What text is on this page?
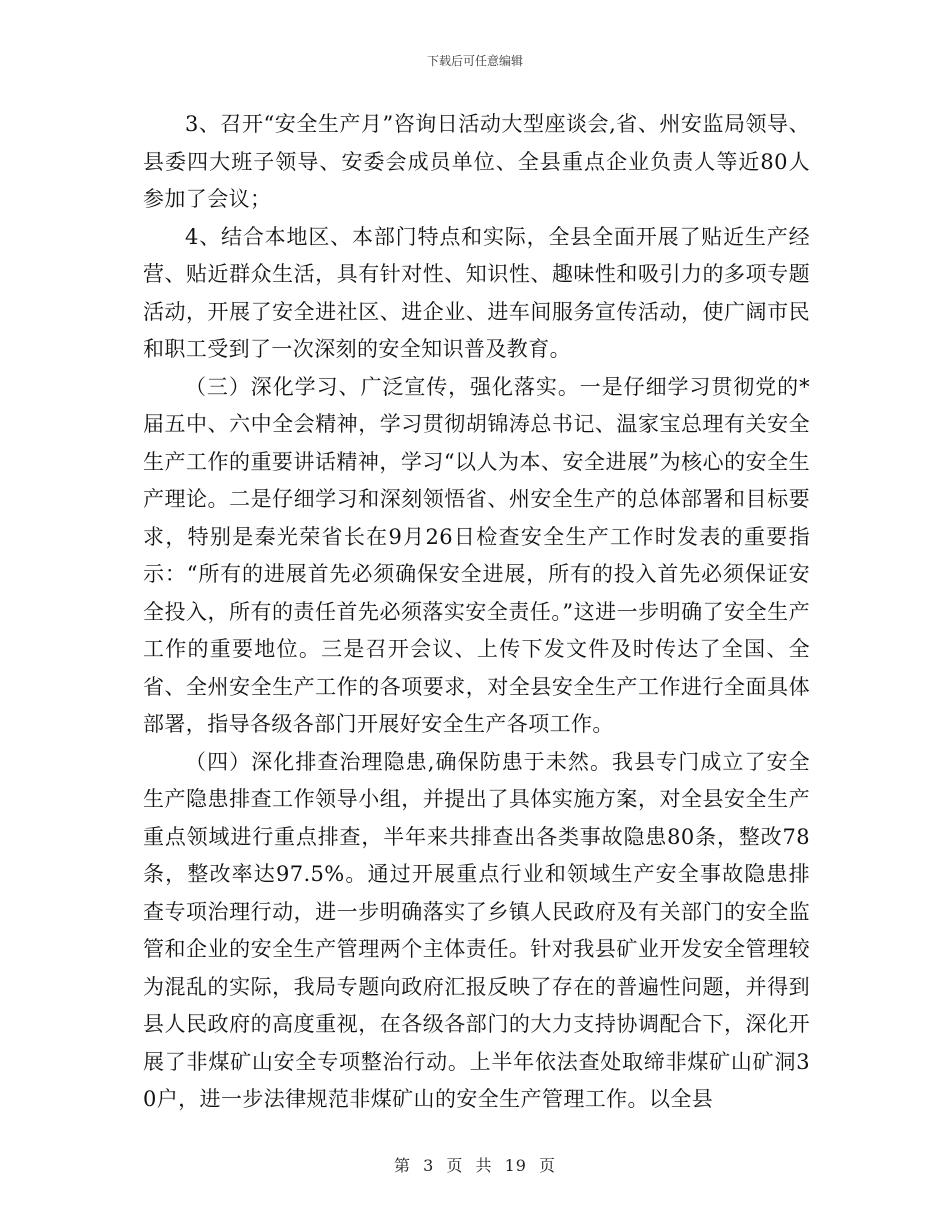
下载后可任意编辑

3、召开“安全生产月”咨询日活动大型座谈会,省、州安监局领导、县委四大班子领导、安委会成员单位、全县重点企业负责人等近80人参加了会议；

4、结合本地区、本部门特点和实际，全县全面开展了贴近生产经营、贴近群众生活，具有针对性、知识性、趣味性和吸引力的多项专题活动，开展了安全进社区、进企业、进车间服务宣传活动，使广阔市民和职工受到了一次深刻的安全知识普及教育。

（三）深化学习、广泛宣传，强化落实。一是仔细学习贯彻党的*届五中、六中全会精神，学习贯彻胡锦涛总书记、温家宝总理有关安全生产工作的重要讲话精神，学习“以人为本、安全进展”为核心的安全生产理论。二是仔细学习和深刻领悟省、州安全生产的总体部署和目标要求，特别是秦光荣省长在9月26日检查安全生产工作时发表的重要指示：“所有的进展首先必须确保安全进展，所有的投入首先必须保证安全投入，所有的责任首先必须落实安全责任。”这进一步明确了安全生产工作的重要地位。三是召开会议、上传下发文件及时传达了全国、全省、全州安全生产工作的各项要求，对全县安全生产工作进行全面具体部署，指导各级各部门开展好安全生产各项工作。

（四）深化排查治理隐患,确保防患于未然。我县专门成立了安全生产隐患排查工作领导小组，并提出了具体实施方案，对全县安全生产重点领域进行重点排查，半年来共排查出各类事故隐患80条，整改78条，整改率达97.5%。通过开展重点行业和领域生产安全事故隐患排查专项治理行动，进一步明确落实了乡镇人民政府及有关部门的安全监管和企业的安全生产管理两个主体责任。针对我县矿业开发安全管理较为混乱的实际，我局专题向政府汇报反映了存在的普遍性问题，并得到县人民政府的高度重视，在各级各部门的大力支持协调配合下，深化开展了非煤矿山安全专项整治行动。上半年依法查处取缔非煤矿山矿洞30户，进一步法律规范非煤矿山的安全生产管理工作。以全县

第 3 页 共 19 页
